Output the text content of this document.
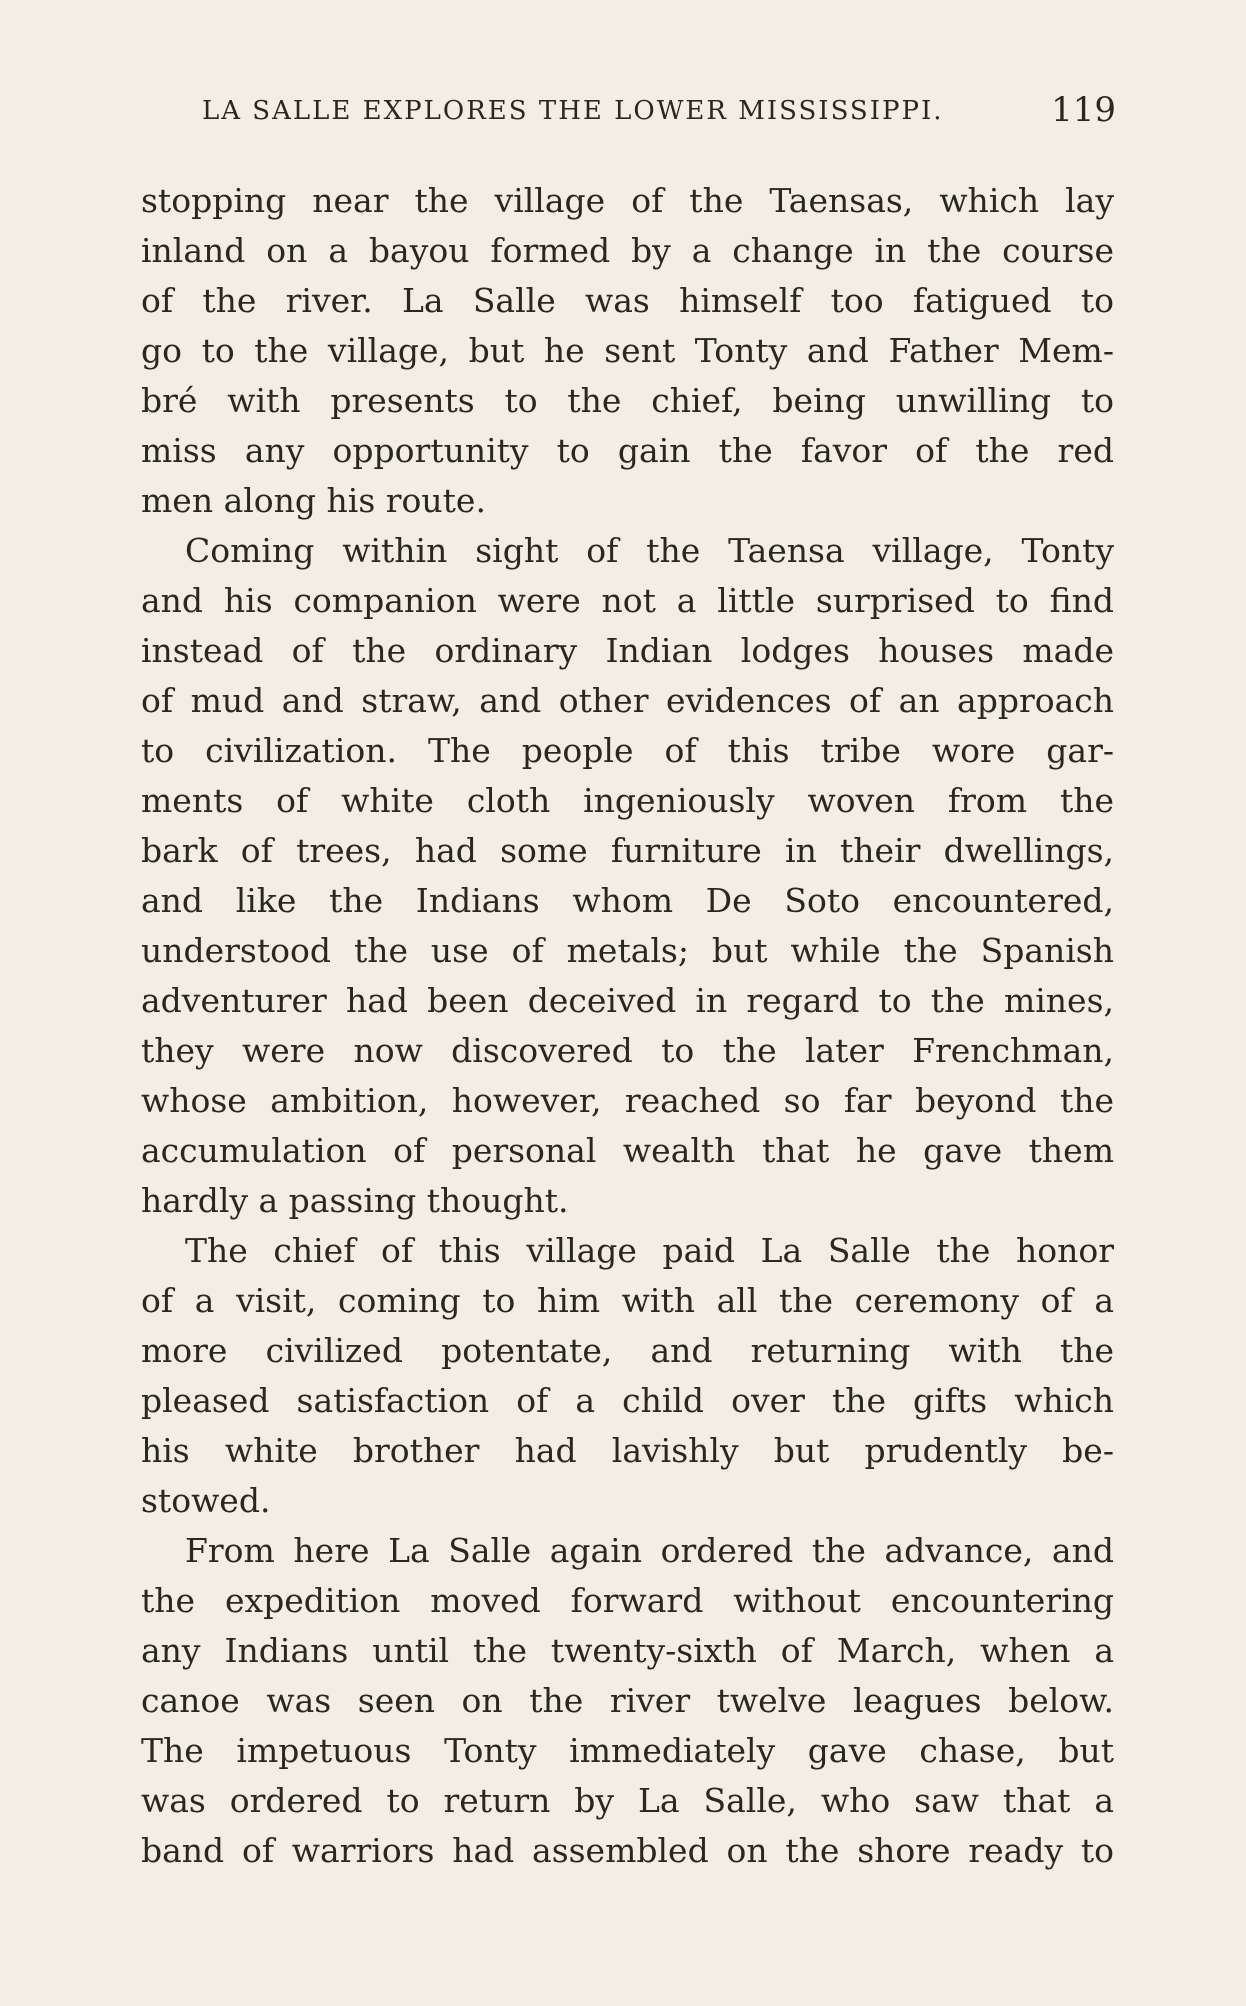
LA SALLE EXPLORES THE LOWER MISSISSIPPI.	119
stopping near the village of the Taensas, which lay
inland on a bayou formed by a change in the course
of the river. La Salle was himself too fatigued to
go to the village, but he sent Tonty and Father Mem-
bré with presents to the chief, being unwilling to
miss any opportunity to gain the favor of the red
men along his route.
Coming within sight of the Taensa village, Tonty
and his companion were not a little surprised to find
instead of the ordinary Indian lodges houses made
of mud and straw, and other evidences of an approach
to civilization. The people of this tribe wore gar-
ments of white cloth ingeniously woven from the
bark of trees, had some furniture in their dwellings,
and like the Indians whom De Soto encountered,
understood the use of metals; but while the Spanish
adventurer had been deceived in regard to the mines,
they were now discovered to the later Frenchman,
whose ambition, however, reached so far beyond the
accumulation of personal wealth that he gave them
hardly a passing thought.
The chief of this village paid La Salle the honor
of a visit, coming to him with all the ceremony of a
more civilized potentate, and returning with the
pleased satisfaction of a child over the gifts which
his white brother had lavishly but prudently be-
stowed.
From here La Salle again ordered the advance, and
the expedition moved forward without encountering
any Indians until the twenty-sixth of March, when a
canoe was seen on the river twelve leagues below.
The impetuous Tonty immediately gave chase, but
was ordered to return by La Salle, who saw that a
band of warriors had assembled on the shore ready to
